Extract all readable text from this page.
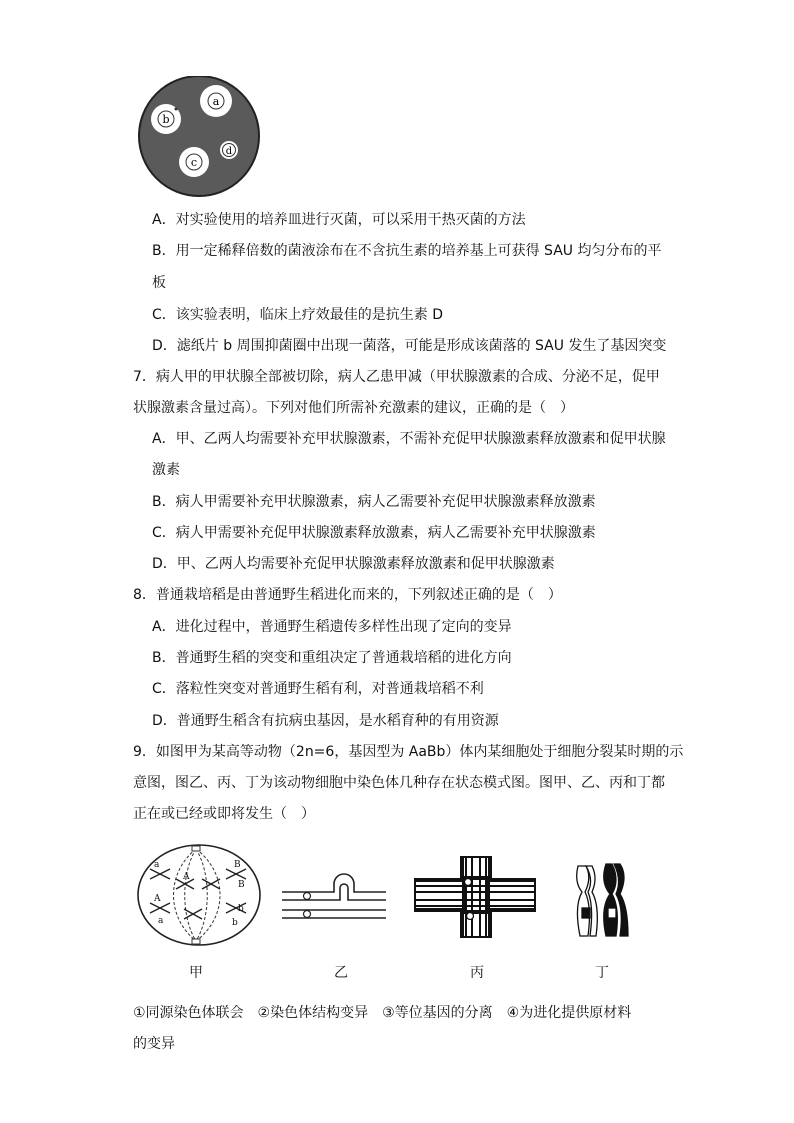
a
b
c
d
A．对实验使用的培养皿进行灭菌，可以采用干热灭菌的方法
B．用一定稀释倍数的菌液涂布在不含抗生素的培养基上可获得 SAU 均匀分布的平
板
C．该实验表明，临床上疗效最佳的是抗生素 D
D．滤纸片 b 周围抑菌圈中出现一菌落，可能是形成该菌落的 SAU 发生了基因突变
7．病人甲的甲状腺全部被切除，病人乙患甲减（甲状腺激素的合成、分泌不足，促甲
状腺激素含量过高）。下列对他们所需补充激素的建议，正确的是（　）
A．甲、乙两人均需要补充甲状腺激素，不需补充促甲状腺激素释放激素和促甲状腺
激素
B．病人甲需要补充甲状腺激素，病人乙需要补充促甲状腺激素释放激素
C．病人甲需要补充促甲状腺激素释放激素，病人乙需要补充甲状腺激素
D．甲、乙两人均需要补充促甲状腺激素释放激素和促甲状腺激素
8．普通栽培稻是由普通野生稻进化而来的，下列叙述正确的是（　）
A．进化过程中，普通野生稻遗传多样性出现了定向的变异
B．普通野生稻的突变和重组决定了普通栽培稻的进化方向
C．落粒性突变对普通野生稻有利，对普通栽培稻不利
D．普通野生稻含有抗病虫基因，是水稻育种的有用资源
9．如图甲为某高等动物（2n=6，基因型为 AaBb）体内某细胞处于细胞分裂某时期的示
意图，图乙、丙、丁为该动物细胞中染色体几种存在状态模式图。图甲、乙、丙和丁都
正在或已经或即将发生（　）
a
A
A
a
B
B
b
b
甲	乙	丙	丁
①同源染色体联会　②染色体结构变异　③等位基因的分离　④为进化提供原材料
的变异
